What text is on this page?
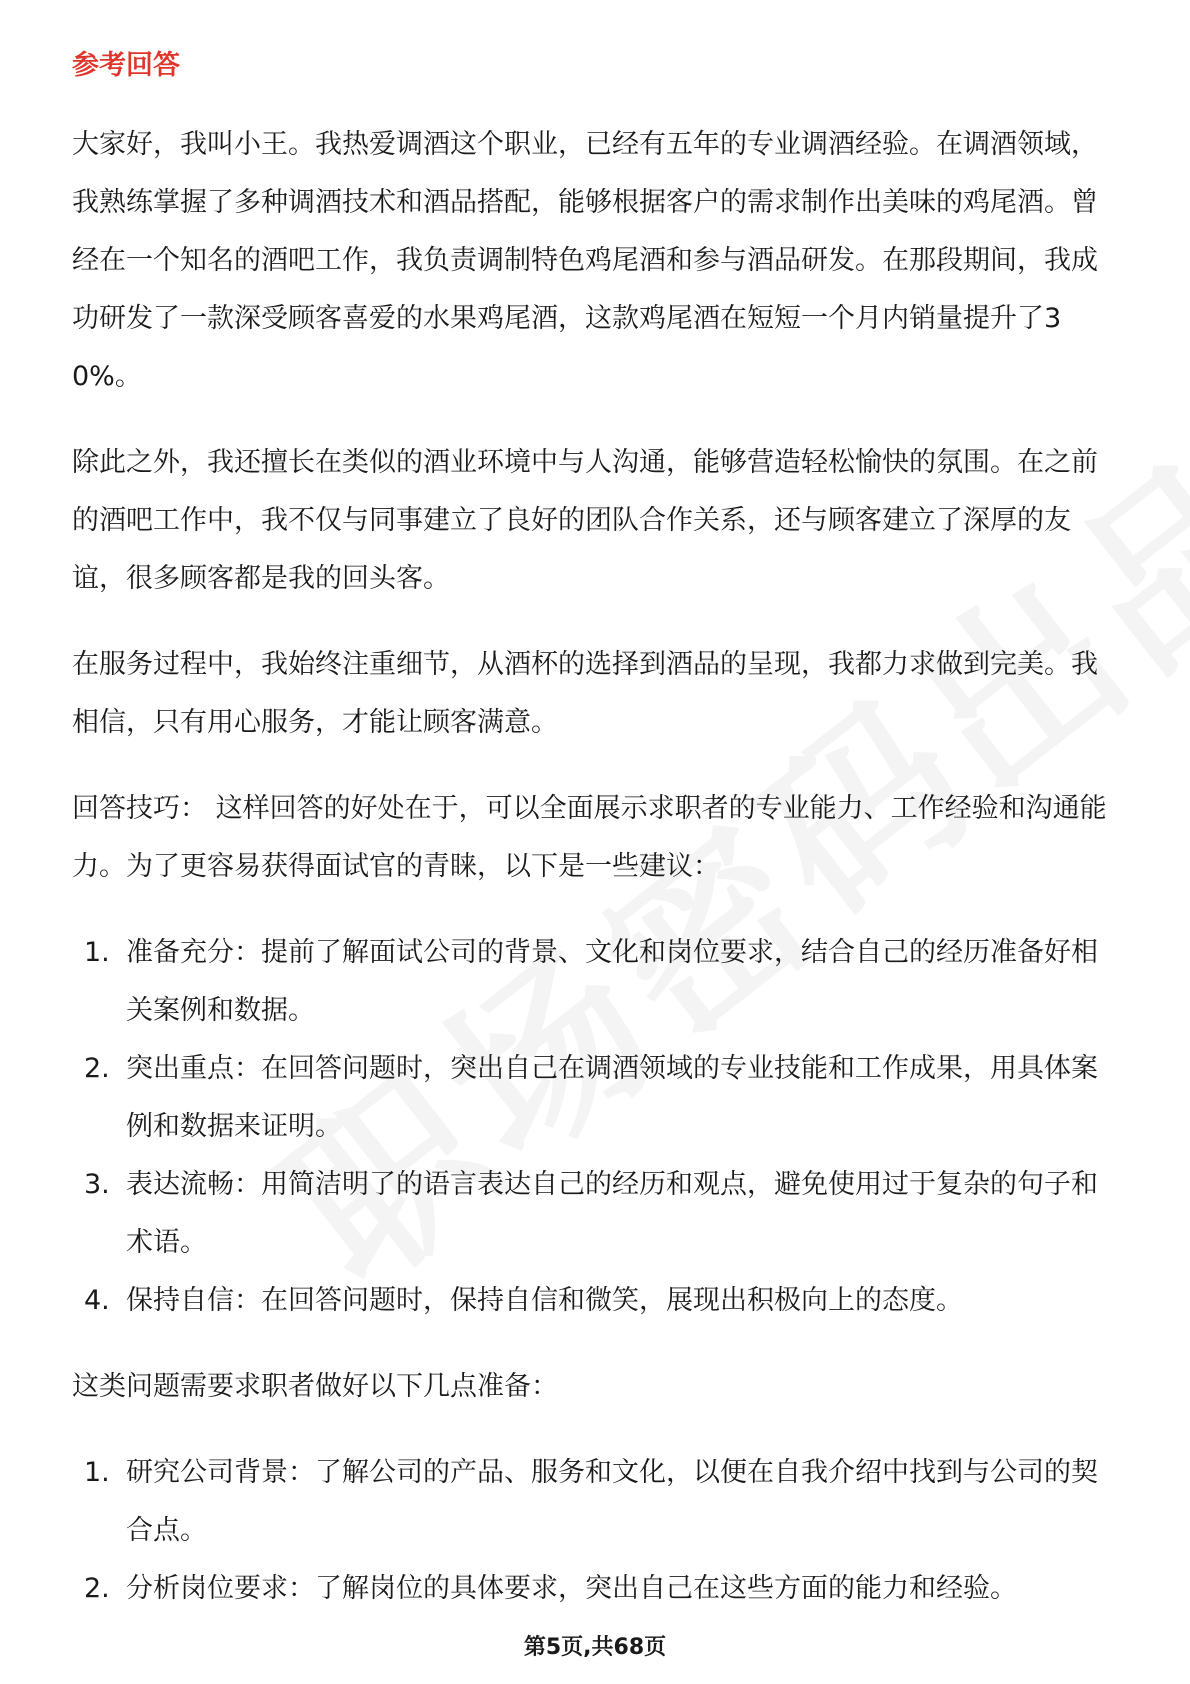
参考回答

大家好，我叫小王。我热爱调酒这个职业，已经有五年的专业调酒经验。在调酒领域，我熟练掌握了多种调酒技术和酒品搭配，能够根据客户的需求制作出美味的鸡尾酒。曾经在一个知名的酒吧工作，我负责调制特色鸡尾酒和参与酒品研发。在那段期间，我成功研发了一款深受顾客喜爱的水果鸡尾酒，这款鸡尾酒在短短一个月内销量提升了30%。

除此之外，我还擅长在类似的酒业环境中与人沟通，能够营造轻松愉快的氛围。在之前的酒吧工作中，我不仅与同事建立了良好的团队合作关系，还与顾客建立了深厚的友谊，很多顾客都是我的回头客。

在服务过程中，我始终注重细节，从酒杯的选择到酒品的呈现，我都力求做到完美。我相信，只有用心服务，才能让顾客满意。

回答技巧： 这样回答的好处在于，可以全面展示求职者的专业能力、工作经验和沟通能力。为了更容易获得面试官的青睐，以下是一些建议：

1. 准备充分：提前了解面试公司的背景、文化和岗位要求，结合自己的经历准备好相关案例和数据。
2. 突出重点：在回答问题时，突出自己在调酒领域的专业技能和工作成果，用具体案例和数据来证明。
3. 表达流畅：用简洁明了的语言表达自己的经历和观点，避免使用过于复杂的句子和术语。
4. 保持自信：在回答问题时，保持自信和微笑，展现出积极向上的态度。

这类问题需要求职者做好以下几点准备：

1. 研究公司背景：了解公司的产品、服务和文化，以便在自我介绍中找到与公司的契合点。
2. 分析岗位要求：了解岗位的具体要求，突出自己在这些方面的能力和经验。
第5页,共68页
